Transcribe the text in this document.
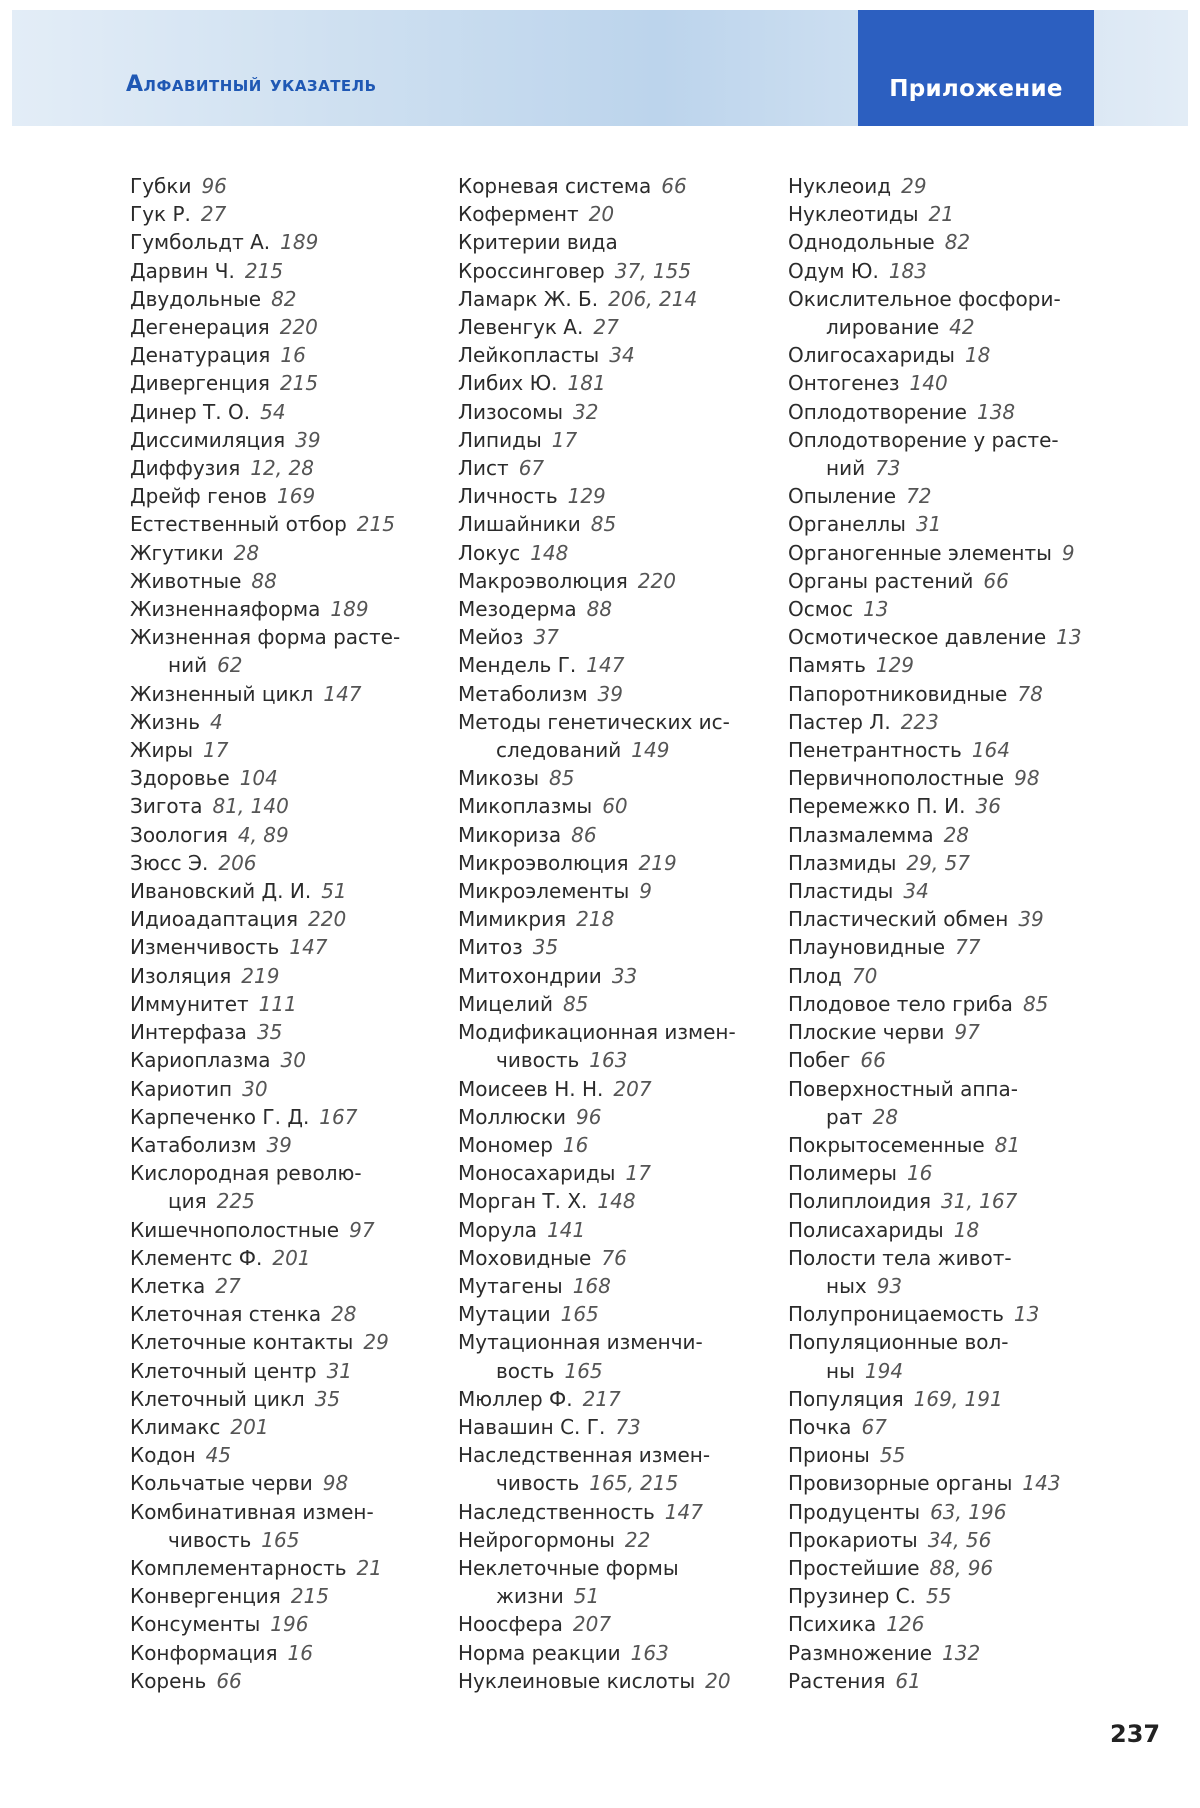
Алфавитный указатель	Приложение
Губки 96
Гук Р. 27
Гумбольдт А. 189
Дарвин Ч. 215
Двудольные 82
Дегенерация 220
Денатурация 16
Дивергенция 215
Динер Т. О. 54
Диссимиляция 39
Диффузия 12, 28
Дрейф генов 169
Естественный отбор 215
Жгутики 28
Животные 88
Жизненнаяформа 189
Жизненная форма расте-
ний 62
Жизненный цикл 147
Жизнь 4
Жиры 17
Здоровье 104
Зигота 81, 140
Зоология 4, 89
Зюсс Э. 206
Ивановский Д. И. 51
Идиоадаптация 220
Изменчивость 147
Изоляция 219
Иммунитет 111
Интерфаза 35
Кариоплазма 30
Кариотип 30
Карпеченко Г. Д. 167
Катаболизм 39
Кислородная револю-
ция 225
Кишечнополостные 97
Клементс Ф. 201
Клетка 27
Клеточная стенка 28
Клеточные контакты 29
Клеточный центр 31
Клеточный цикл 35
Климакс 201
Кодон 45
Кольчатые черви 98
Комбинативная измен-
чивость 165
Комплементарность 21
Конвергенция 215
Консументы 196
Конформация 16
Корень 66
Корневая система 66
Кофермент 20
Критерии вида
Кроссинговер 37, 155
Ламарк Ж. Б. 206, 214
Левенгук А. 27
Лейкопласты 34
Либих Ю. 181
Лизосомы 32
Липиды 17
Лист 67
Личность 129
Лишайники 85
Локус 148
Макроэволюция 220
Мезодерма 88
Мейоз 37
Мендель Г. 147
Метаболизм 39
Методы генетических ис-
следований 149
Микозы 85
Микоплазмы 60
Микориза 86
Микроэволюция 219
Микроэлементы 9
Мимикрия 218
Митоз 35
Митохондрии 33
Мицелий 85
Модификационная измен-
чивость 163
Моисеев Н. Н. 207
Моллюски 96
Мономер 16
Моносахариды 17
Морган Т. Х. 148
Морула 141
Моховидные 76
Мутагены 168
Мутации 165
Мутационная изменчи-
вость 165
Мюллер Ф. 217
Навашин С. Г. 73
Наследственная измен-
чивость 165, 215
Наследственность 147
Нейрогормоны 22
Неклеточные формы
жизни 51
Ноосфера 207
Норма реакции 163
Нуклеиновые кислоты 20
Нуклеоид 29
Нуклеотиды 21
Однодольные 82
Одум Ю. 183
Окислительное фосфори-
лирование 42
Олигосахариды 18
Онтогенез 140
Оплодотворение 138
Оплодотворение у расте-
ний 73
Опыление 72
Органеллы 31
Органогенные элементы 9
Органы растений 66
Осмос 13
Осмотическое давление 13
Память 129
Папоротниковидные 78
Пастер Л. 223
Пенетрантность 164
Первичнополостные 98
Перемежко П. И. 36
Плазмалемма 28
Плазмиды 29, 57
Пластиды 34
Пластический обмен 39
Плауновидные 77
Плод 70
Плодовое тело гриба 85
Плоские черви 97
Побег 66
Поверхностный аппа-
рат 28
Покрытосеменные 81
Полимеры 16
Полиплоидия 31, 167
Полисахариды 18
Полости тела живот-
ных 93
Полупроницаемость 13
Популяционные вол-
ны 194
Популяция 169, 191
Почка 67
Прионы 55
Провизорные органы 143
Продуценты 63, 196
Прокариоты 34, 56
Простейшие 88, 96
Прузинер С. 55
Психика 126
Размножение 132
Растения 61
237
